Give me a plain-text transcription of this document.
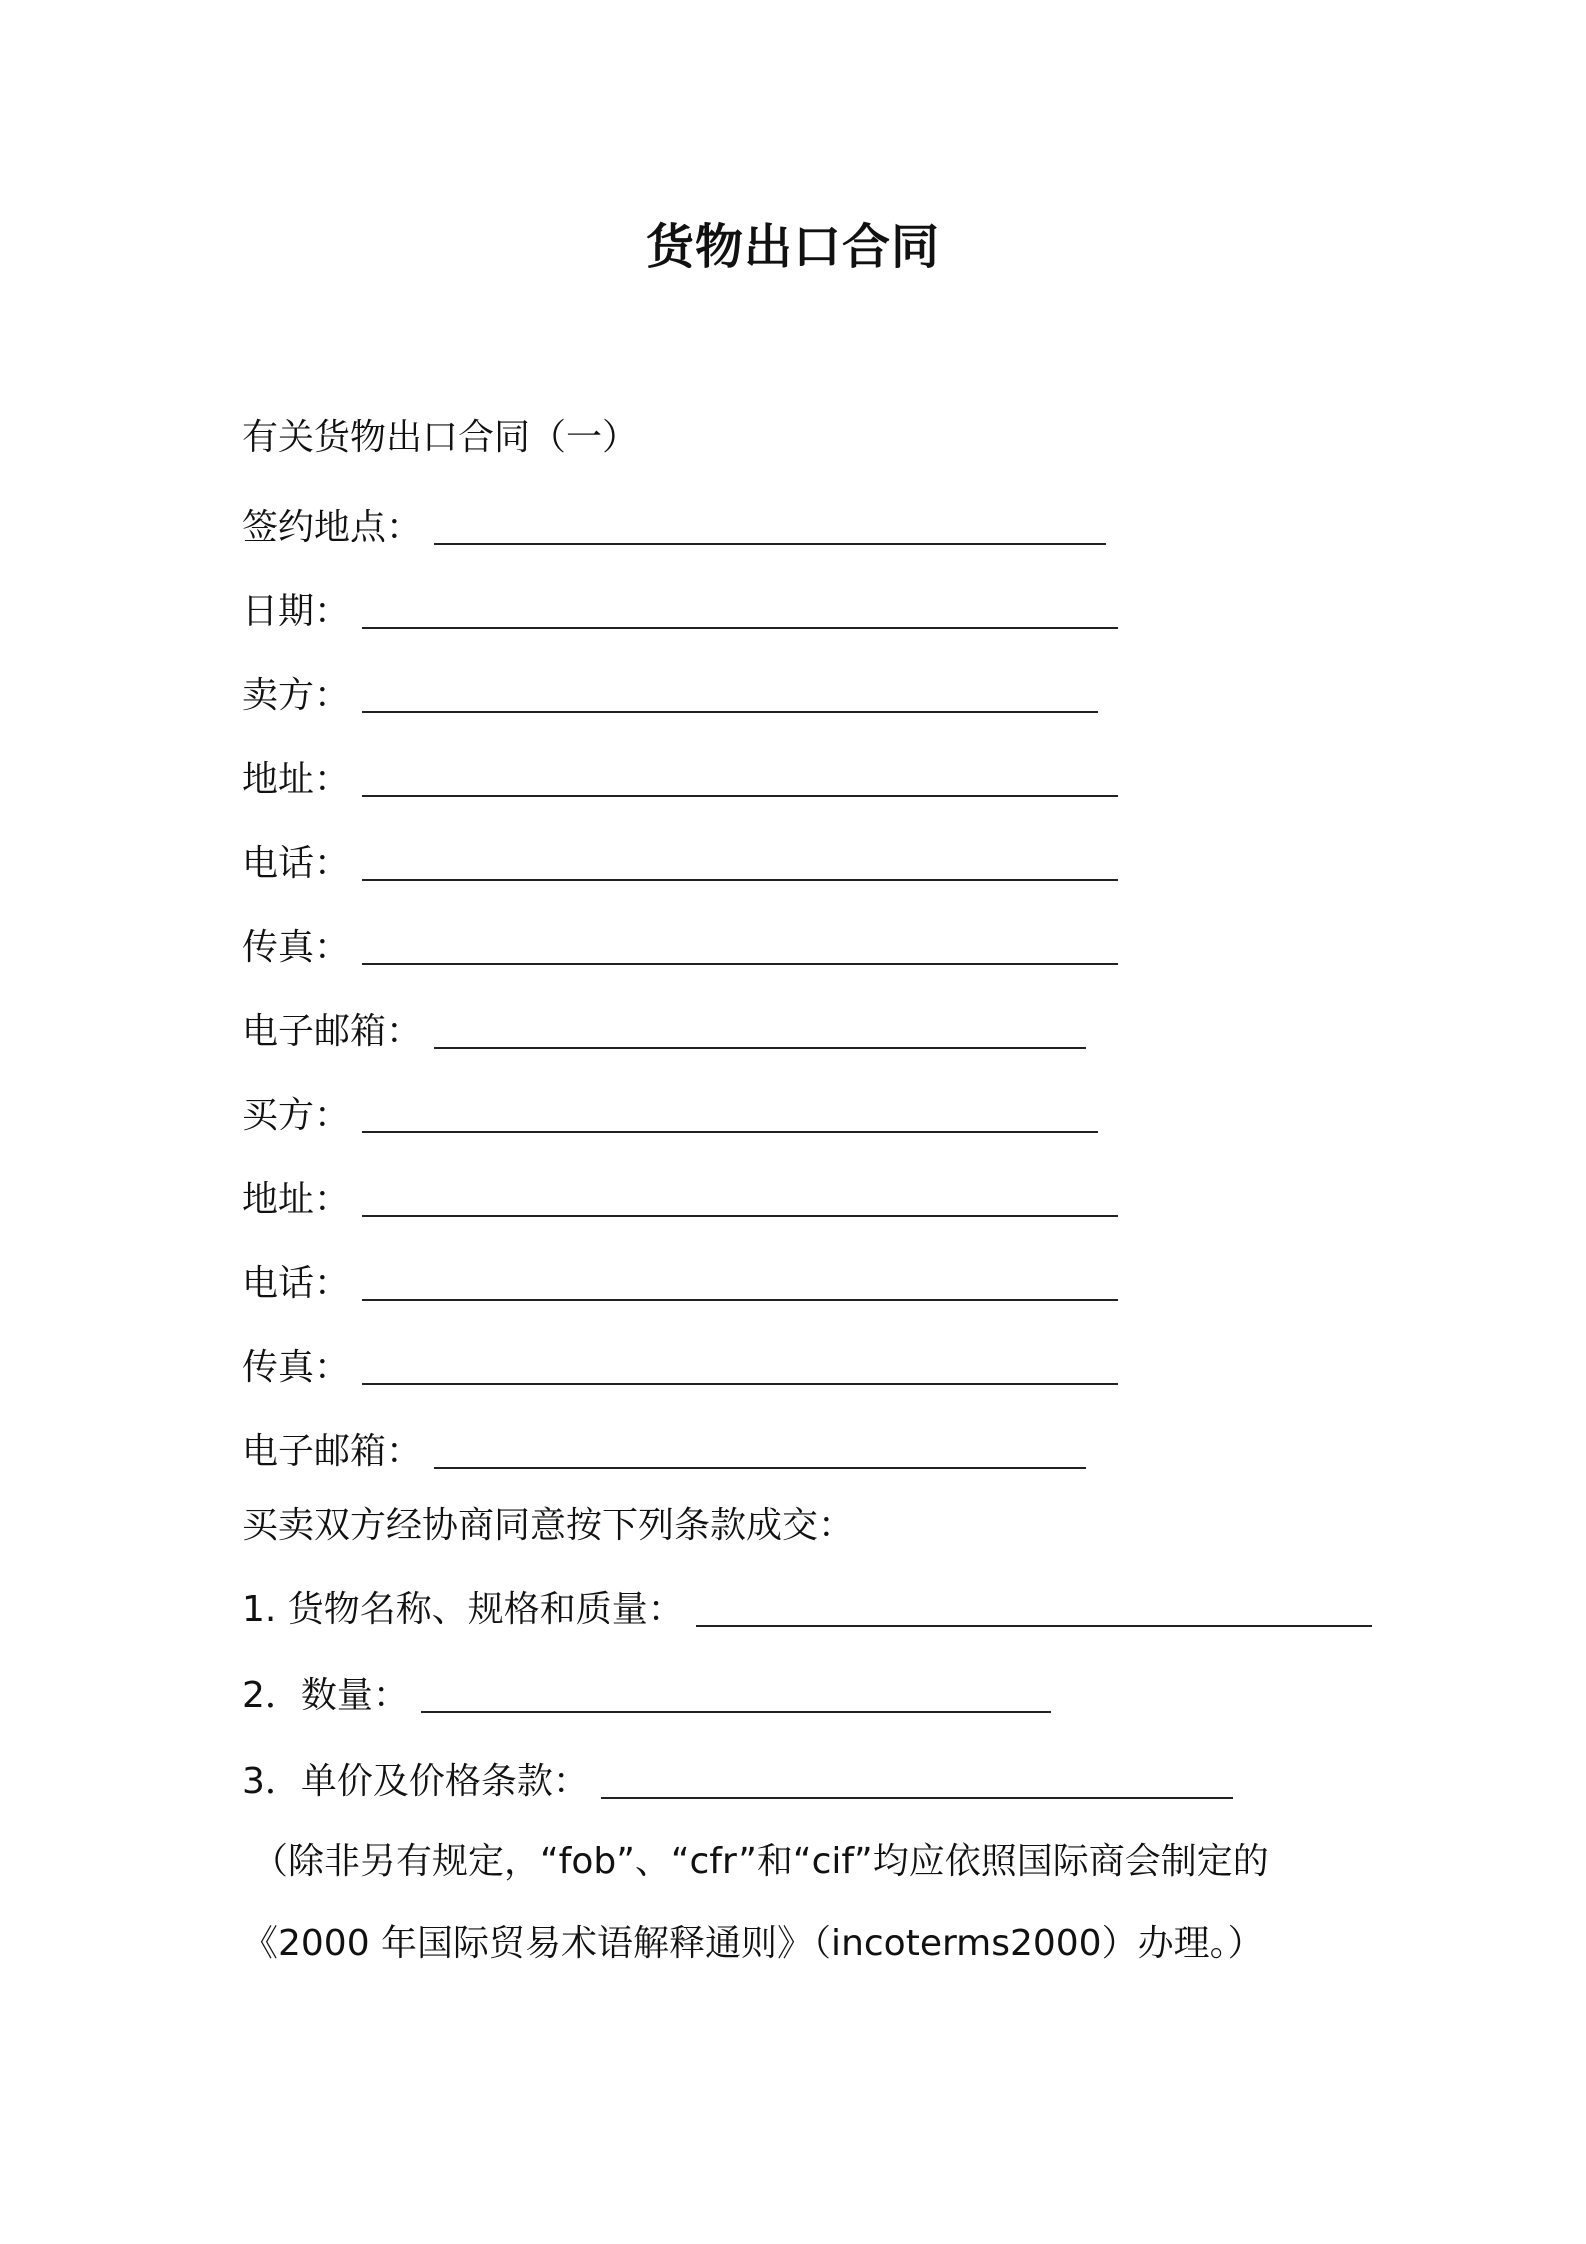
货物出口合同

有关货物出口合同（一）

签约地点：

日期：

卖方：

地址：

电话：

传真：

电子邮箱：

买方：

地址：

电话：

传真：

电子邮箱：

买卖双方经协商同意按下列条款成交：

1. 货物名称、规格和质量：

2．数量：

3．单价及价格条款：

（除非另有规定，“fob”、“cfr”和“cif”均应依照国际商会制定的

《2000 年国际贸易术语解释通则》（incoterms2000）办理。）
